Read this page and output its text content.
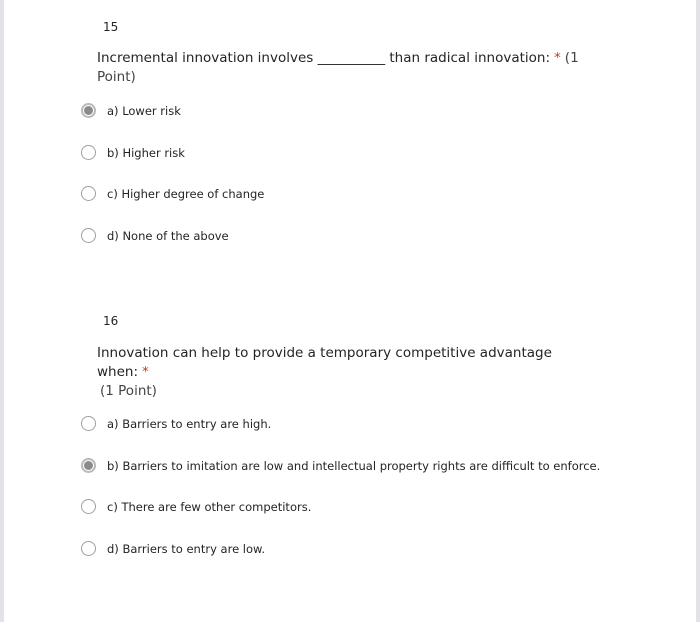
15
Incremental innovation involves __________ than radical innovation: * (1 Point)
a) Lower risk
b) Higher risk
c) Higher degree of change
d) None of the above
16
Innovation can help to provide a temporary competitive advantage when: *
(1 Point)
a) Barriers to entry are high.
b) Barriers to imitation are low and intellectual property rights are difficult to enforce.
c) There are few other competitors.
d) Barriers to entry are low.
